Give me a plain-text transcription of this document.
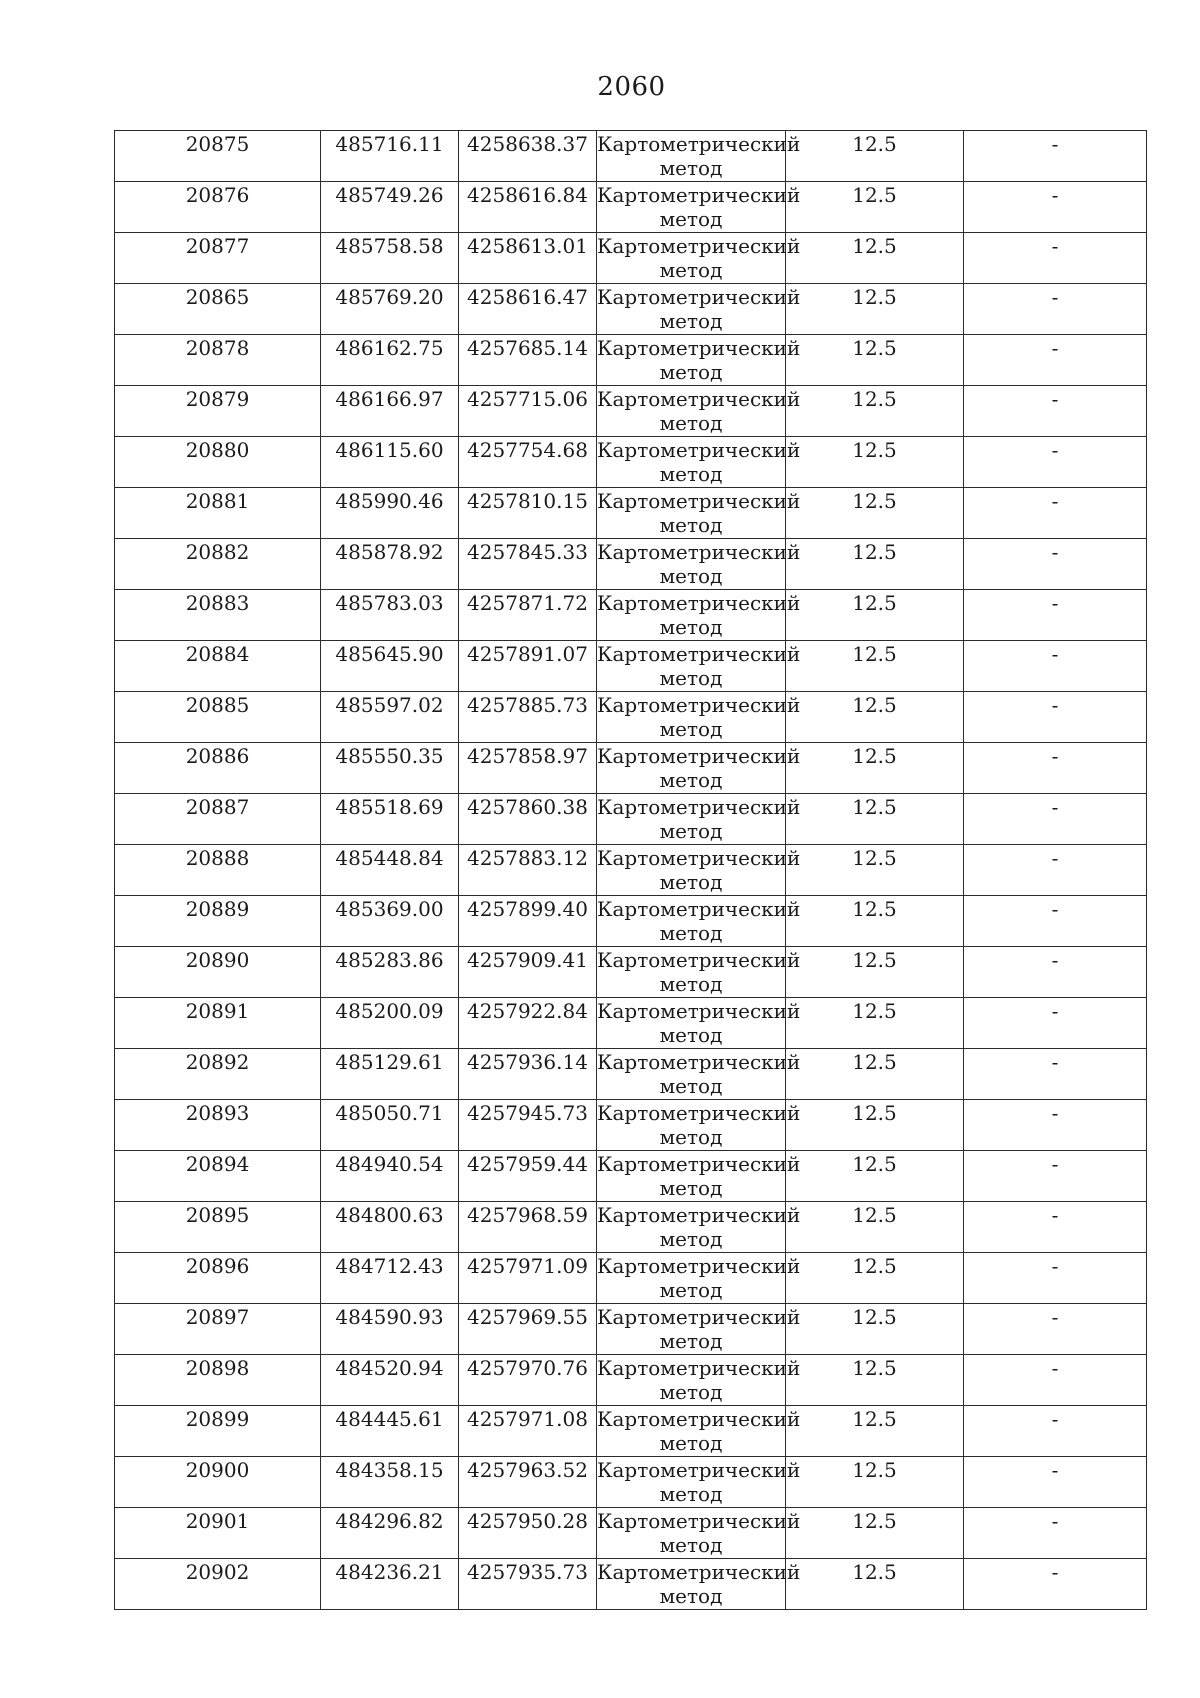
2060
20875	485716.11	4258638.37	Картометрический метод	12.5	-

20876	485749.26	4258616.84	Картометрический метод	12.5	-

20877	485758.58	4258613.01	Картометрический метод	12.5	-

20865	485769.20	4258616.47	Картометрический метод	12.5	-

20878	486162.75	4257685.14	Картометрический метод	12.5	-

20879	486166.97	4257715.06	Картометрический метод	12.5	-

20880	486115.60	4257754.68	Картометрический метод	12.5	-

20881	485990.46	4257810.15	Картометрический метод	12.5	-

20882	485878.92	4257845.33	Картометрический метод	12.5	-

20883	485783.03	4257871.72	Картометрический метод	12.5	-

20884	485645.90	4257891.07	Картометрический метод	12.5	-

20885	485597.02	4257885.73	Картометрический метод	12.5	-

20886	485550.35	4257858.97	Картометрический метод	12.5	-

20887	485518.69	4257860.38	Картометрический метод	12.5	-

20888	485448.84	4257883.12	Картометрический метод	12.5	-

20889	485369.00	4257899.40	Картометрический метод	12.5	-

20890	485283.86	4257909.41	Картометрический метод	12.5	-

20891	485200.09	4257922.84	Картометрический метод	12.5	-

20892	485129.61	4257936.14	Картометрический метод	12.5	-

20893	485050.71	4257945.73	Картометрический метод	12.5	-

20894	484940.54	4257959.44	Картометрический метод	12.5	-

20895	484800.63	4257968.59	Картометрический метод	12.5	-

20896	484712.43	4257971.09	Картометрический метод	12.5	-

20897	484590.93	4257969.55	Картометрический метод	12.5	-

20898	484520.94	4257970.76	Картометрический метод	12.5	-

20899	484445.61	4257971.08	Картометрический метод	12.5	-

20900	484358.15	4257963.52	Картометрический метод	12.5	-

20901	484296.82	4257950.28	Картометрический метод	12.5	-

20902	484236.21	4257935.73	Картометрический метод	12.5	-
